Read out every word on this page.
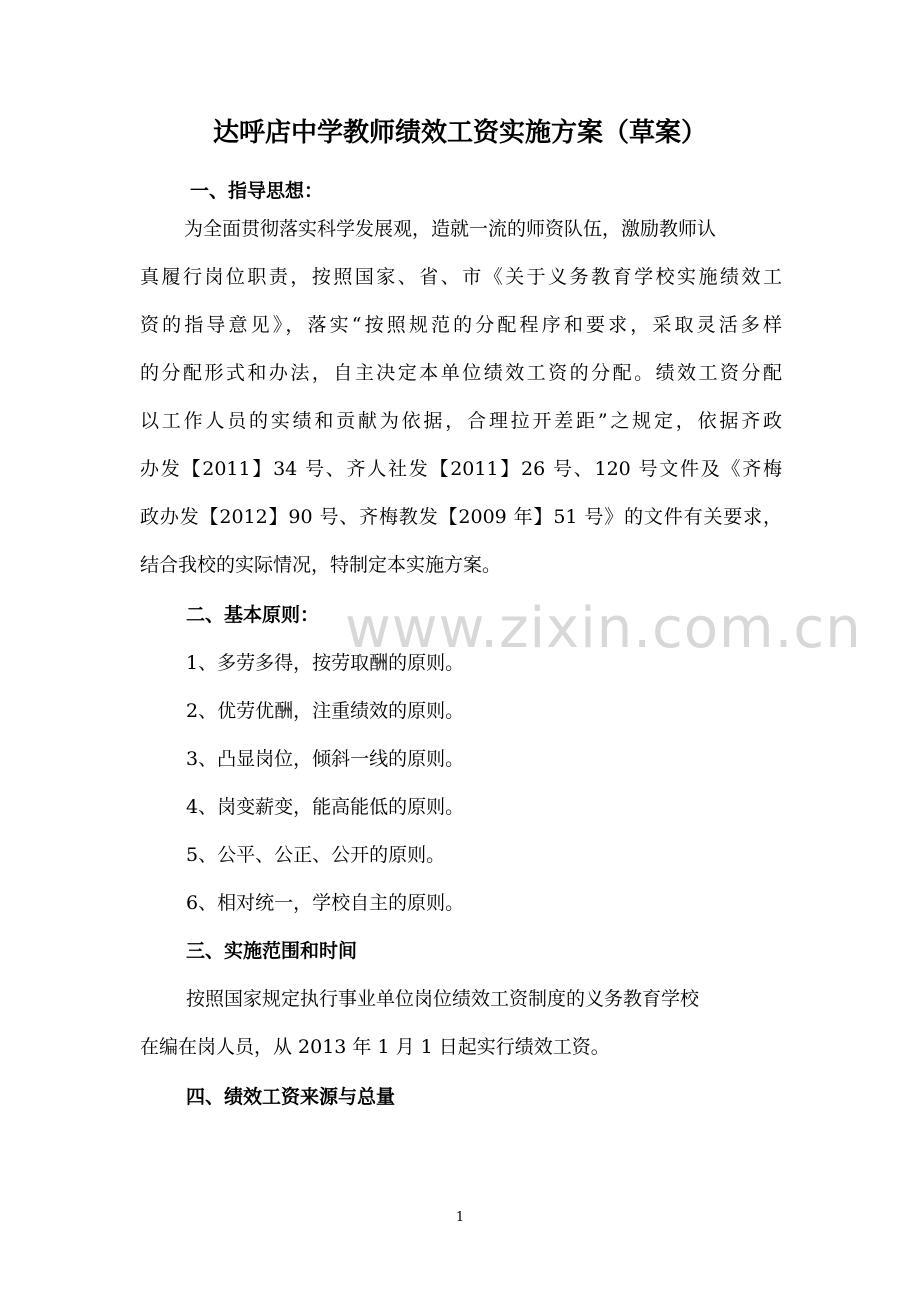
达呼店中学教师绩效工资实施方案（草案）
一、指导思想：
为全面贯彻落实科学发展观，造就一流的师资队伍，激励教师认
真履行岗位职责，按照国家、省、市《关于义务教育学校实施绩效工
资的指导意见》，落实“按照规范的分配程序和要求，采取灵活多样
的分配形式和办法，自主决定本单位绩效工资的分配。绩效工资分配
以工作人员的实绩和贡献为依据，合理拉开差距”之规定，依据齐政
办发【2011】34 号、齐人社发【2011】26 号、120 号文件及《齐梅
政办发【2012】90 号、齐梅教发【2009 年】51 号》的文件有关要求，
结合我校的实际情况，特制定本实施方案。
二、基本原则：
1、多劳多得，按劳取酬的原则。
2、优劳优酬，注重绩效的原则。
3、凸显岗位，倾斜一线的原则。
4、岗变薪变，能高能低的原则。
5、公平、公正、公开的原则。
6、相对统一，学校自主的原则。
三、实施范围和时间
按照国家规定执行事业单位岗位绩效工资制度的义务教育学校
在编在岗人员，从 2013 年 1 月 1 日起实行绩效工资。
四、绩效工资来源与总量
www.zixin.com.cn
1
